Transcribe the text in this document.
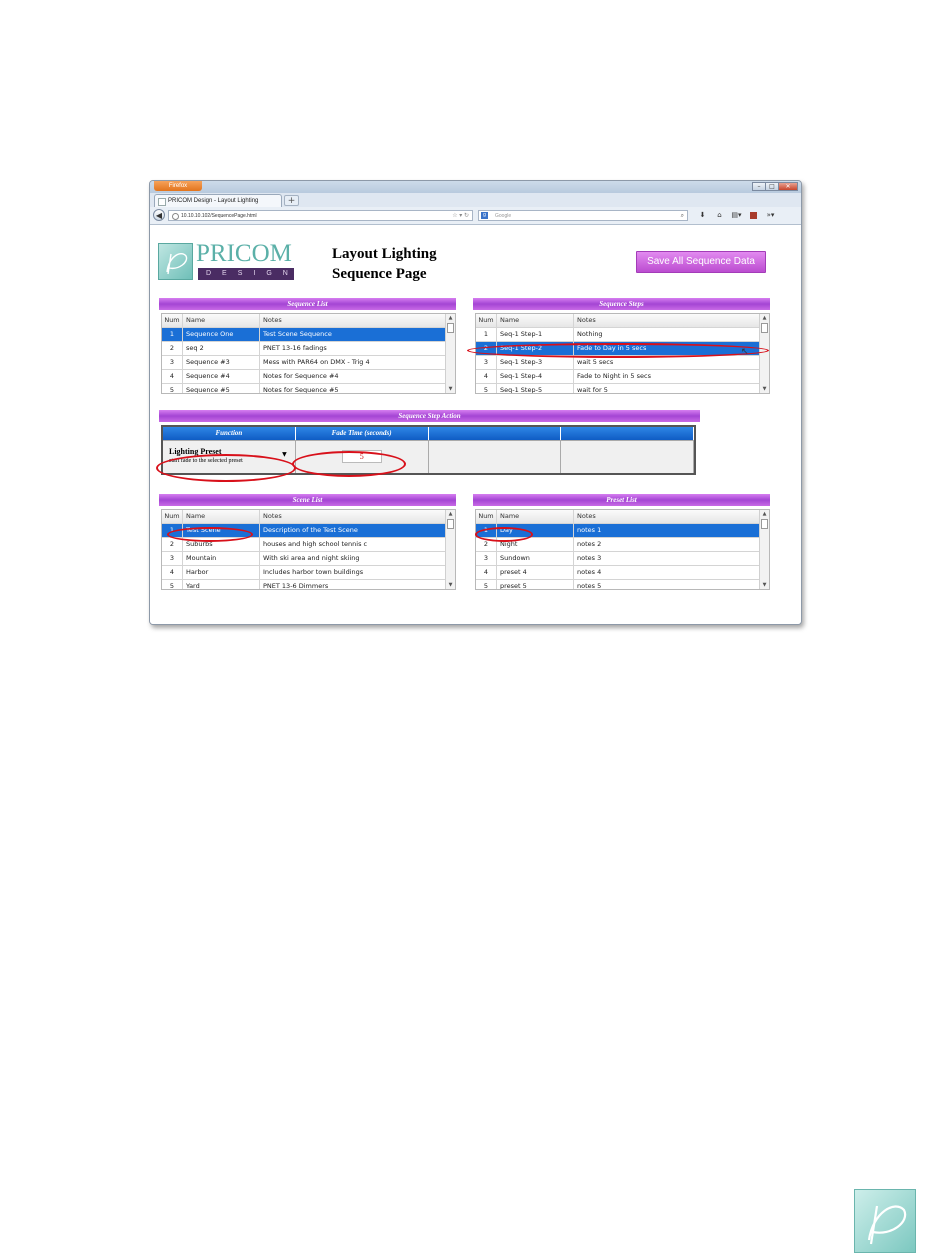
Firefox	–	□	✕
PRICOM Design - Layout Lighting	+
◀	10.10.10.102/SequencePage.html	☆ ▾ ↻	g	Google	⌕	⬇	⌂	▤▾	»▾
PRICOM
DESIGN
Layout Lighting
Sequence Page
Save All Sequence Data
Sequence List
Num Name	Notes
1	Sequence One	Test Scene Sequence
2	seq 2	PNET 13-16 fadings
3	Sequence #3	Mess with PAR64 on DMX - Trig 4
4	Sequence #4	Notes for Sequence #4
5	Sequence #5	Notes for Sequence #5
▲
▼
Sequence Steps
Num Name	Notes
1	Seq-1 Step-1	Nothing
2	Seq-1 Step-2	Fade to Day in 5 secs
3	Seq-1 Step-3	wait 5 secs
4	Seq-1 Step-4	Fade to Night in 5 secs
5	Seq-1 Step-5	wait for 5
▲
▼
Sequence Step Action
Function	Fade Time (seconds)
Lighting Preset
start fade to the selected preset
▼	5
Scene List
Num Name	Notes
1	Test Scene	Description of the Test Scene
2	Suburbs	houses and high school tennis c
3	Mountain	With ski area and night skiing
4	Harbor	Includes harbor town buildings
5	Yard	PNET 13-6 Dimmers
▲
▼
Preset List
Num Name	Notes
1	Day	notes 1
2	Night	notes 2
3	Sundown	notes 3
4	preset 4	notes 4
5	preset 5	notes 5
▲
▼
↖
